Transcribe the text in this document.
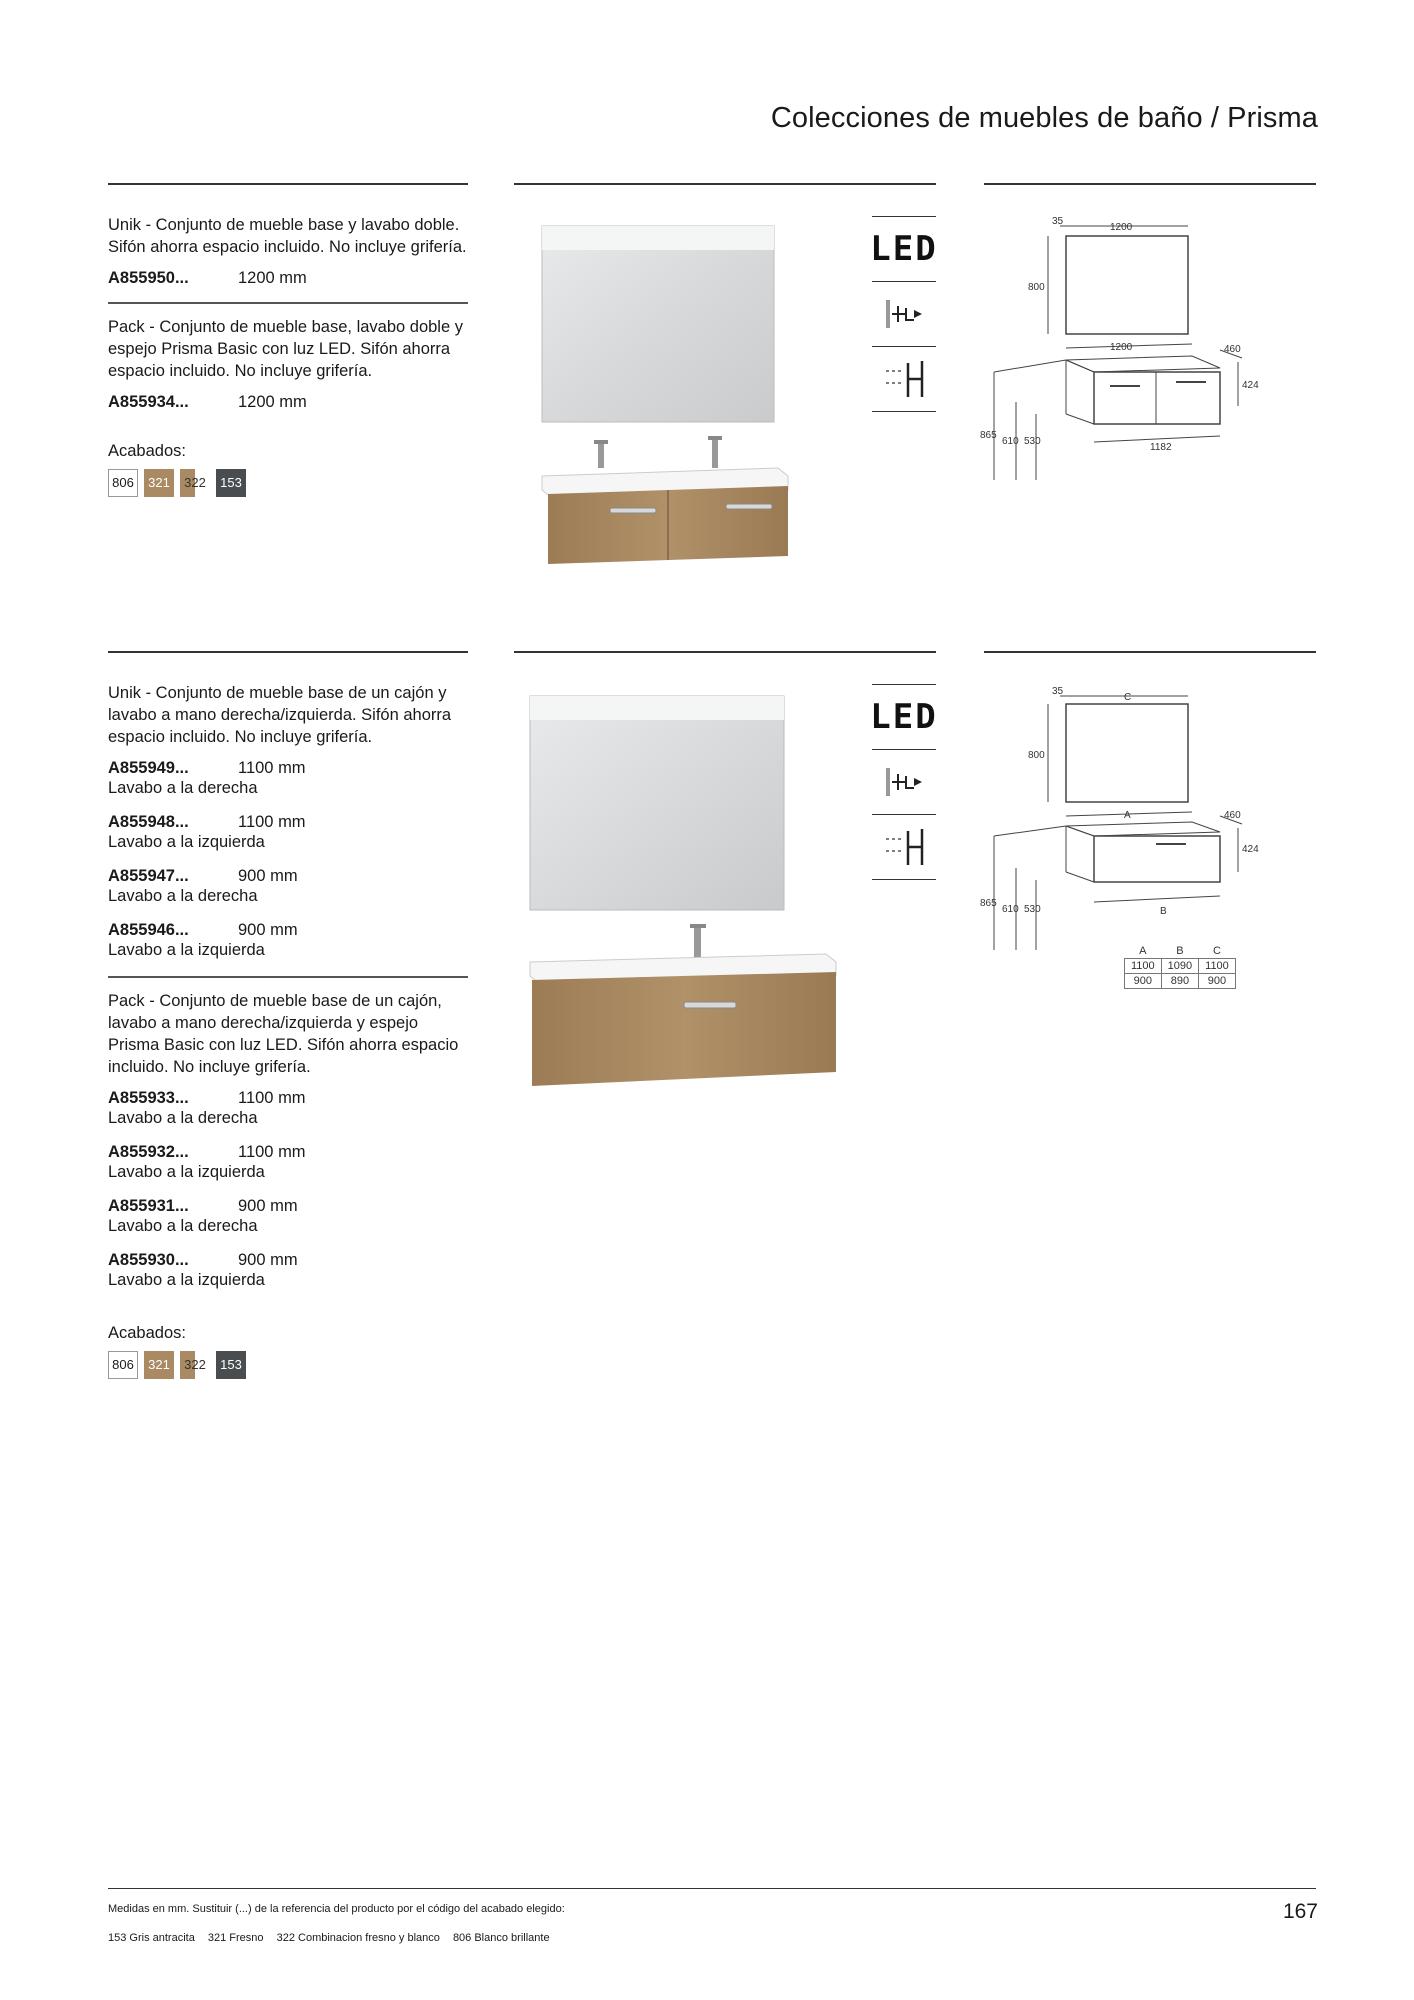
Colecciones de muebles de baño / Prisma

Unik - Conjunto de mueble base y lavabo doble. Sifón ahorra espacio incluido. No incluye grifería.

A855950...	1200 mm

Pack - Conjunto de mueble base, lavabo doble y espejo Prisma Basic con luz LED. Sifón ahorra espacio incluido. No incluye grifería.

A855934...	1200 mm
Acabados:
806	321	322	153
LED
35
1200
800
1200	460
424
865
610 530
1182

Unik - Conjunto de mueble base de un cajón y lavabo a mano derecha/izquierda. Sifón ahorra espacio incluido. No incluye grifería.

A855949...	1100 mm
Lavabo a la derecha
A855948...	1100 mm
Lavabo a la izquierda
A855947...	900 mm
Lavabo a la derecha
A855946...	900 mm
Lavabo a la izquierda

Pack - Conjunto de mueble base de un cajón, lavabo a mano derecha/izquierda y espejo Prisma Basic con luz LED. Sifón ahorra espacio incluido. No incluye grifería.

A855933...	1100 mm
Lavabo a la derecha
A855932...	1100 mm
Lavabo a la izquierda
A855931...	900 mm
Lavabo a la derecha
A855930...	900 mm
Lavabo a la izquierda
Acabados:
806	321	322	153
LED
35
C
800
A	460
424
865
610 530	B
A	B	C
1100	1090	1100
900	890	900
Medidas en mm. Sustituir (...) de la referencia del producto por el código del acabado elegido:
153 Gris antracita 321 Fresno 322 Combinacion fresno y blanco 806 Blanco brillante
167
